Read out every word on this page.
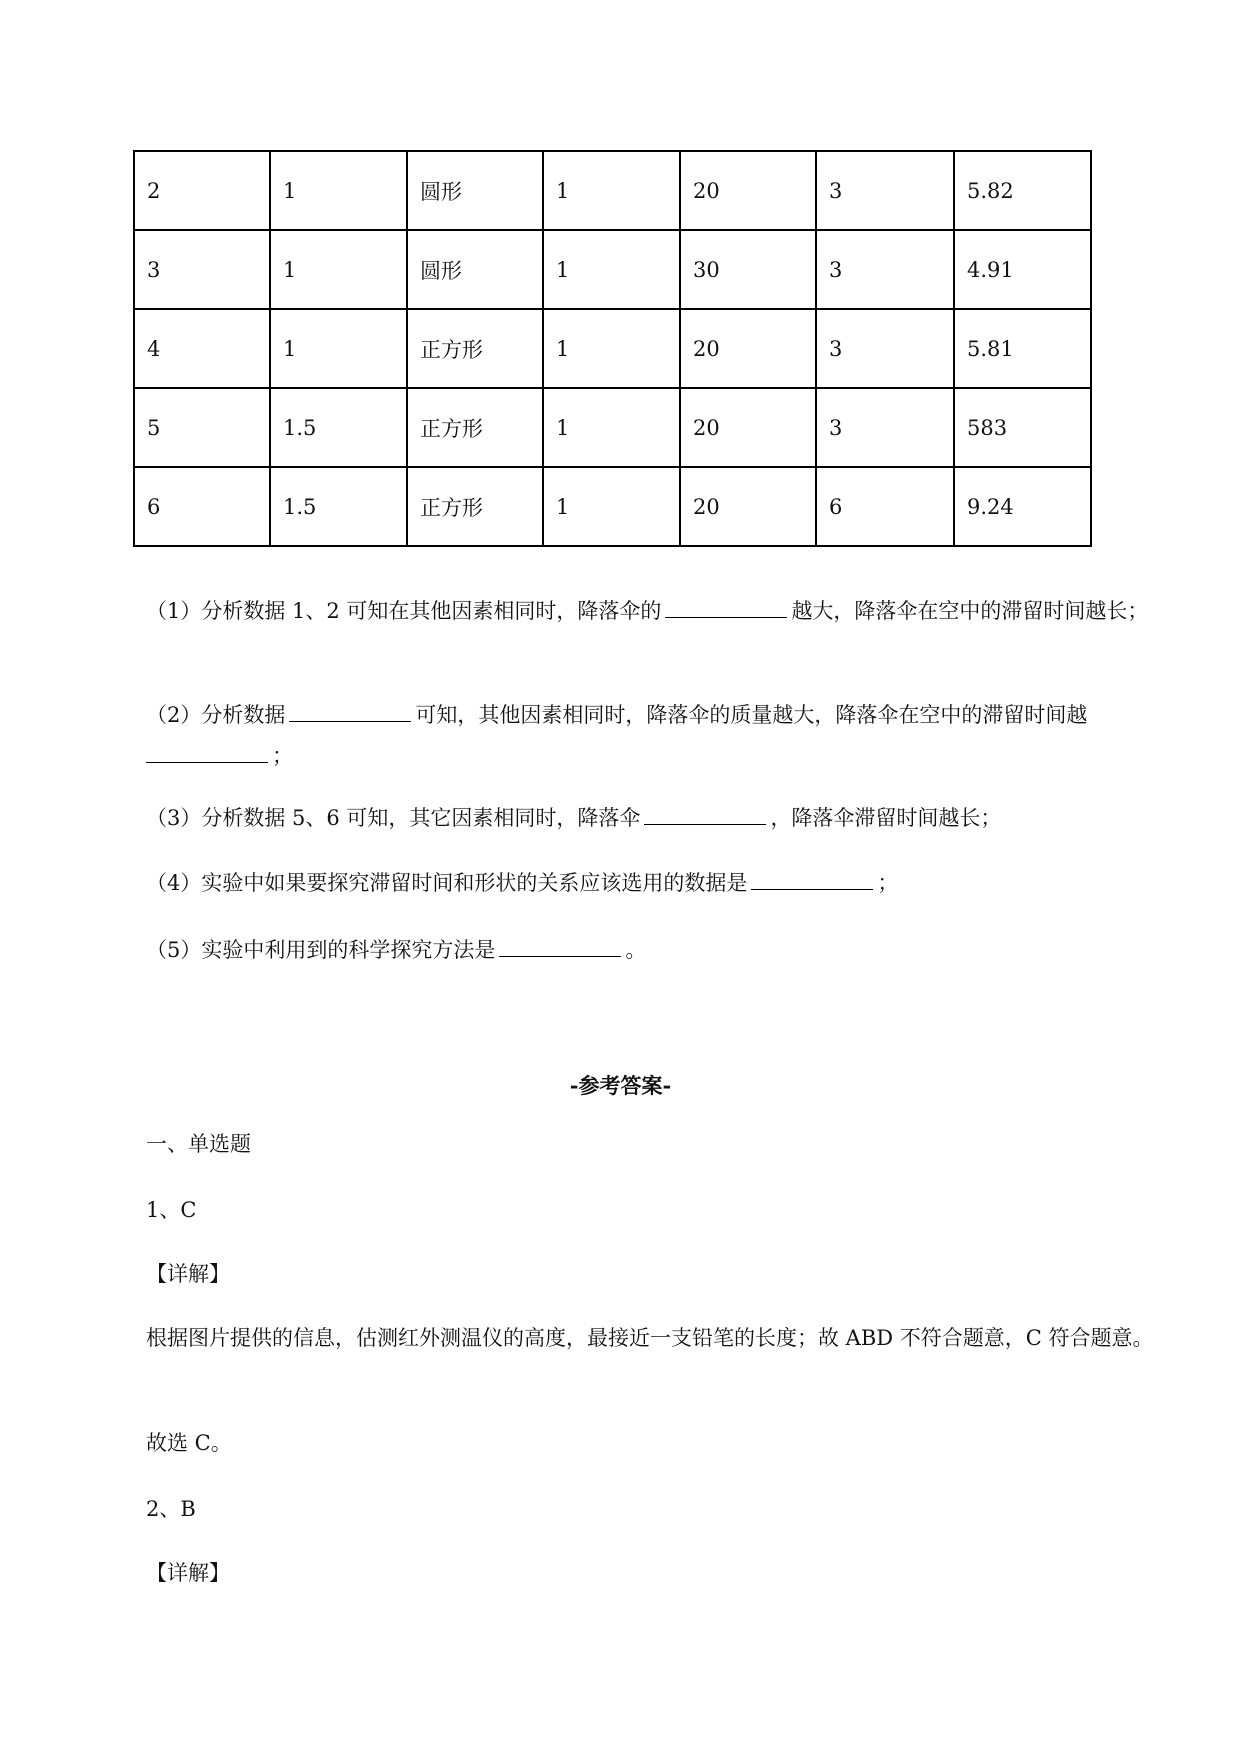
2	1	圆形	1	20	3	5.82
3	1	圆形	1	30	3	4.91
4	1	正方形	1	20	3	5.81
5	1.5	正方形	1	20	3	583
6	1.5	正方形	1	20	6	9.24
（1）分析数据 1、2 可知在其他因素相同时，降落伞的	越大，降落伞在空中的滞留时间越长；
（2）分析数据	可知，其他因素相同时，降落伞的质量越大，降落伞在空中的滞留时间越
；
（3）分析数据 5、6 可知，其它因素相同时，降落伞	，降落伞滞留时间越长；
（4）实验中如果要探究滞留时间和形状的关系应该选用的数据是	；
（5）实验中利用到的科学探究方法是	。
-参考答案-
一、单选题
1、C
【详解】
根据图片提供的信息，估测红外测温仪的高度，最接近一支铅笔的长度；故 ABD 不符合题意，C 符合题意。
故选 C。
2、B
【详解】
